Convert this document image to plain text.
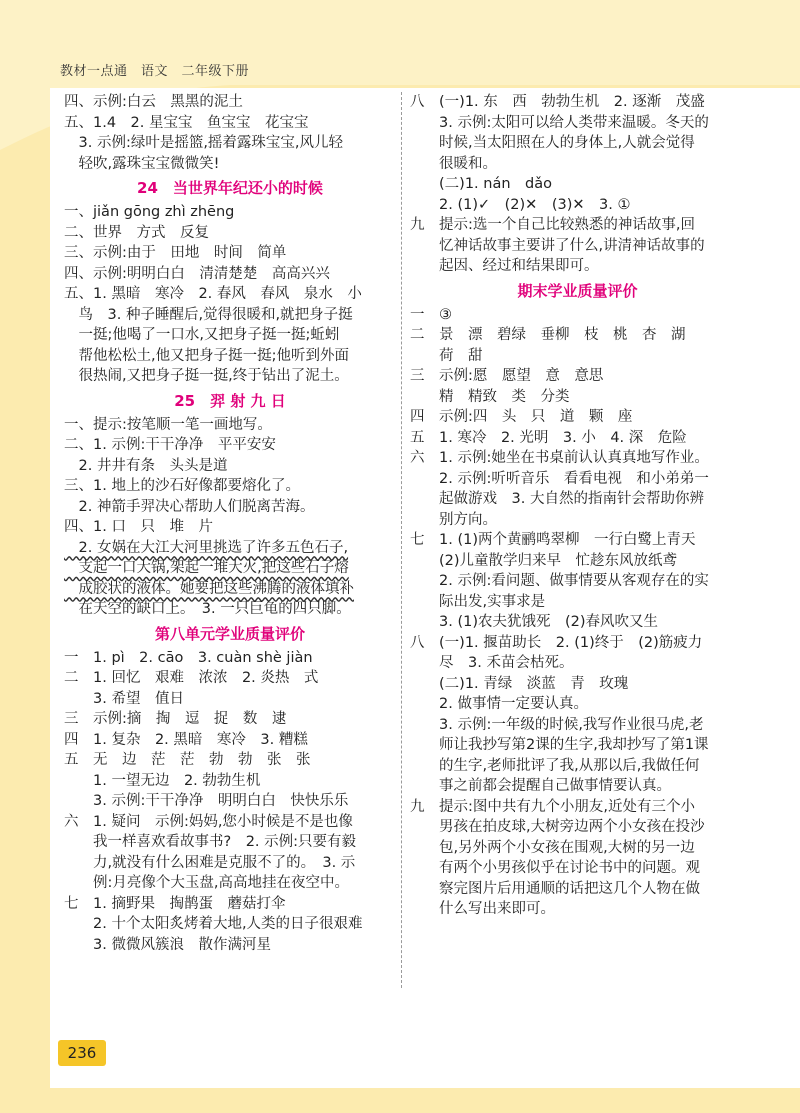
教材一点通　语文　二年级下册
四、示例:白云　黑黑的泥土
五、1.4　2. 星宝宝　鱼宝宝　花宝宝
　3. 示例:绿叶是摇篮,摇着露珠宝宝,风儿轻
　轻吹,露珠宝宝微微笑!
24　当世界年纪还小的时候
一、jiǎn gōng zhì zhēng
二、世界　方式　反复
三、示例:由于　田地　时间　简单
四、示例:明明白白　清清楚楚　高高兴兴
五、1. 黑暗　寒冷　2. 春风　春风　泉水　小
　鸟　3. 种子睡醒后,觉得很暖和,就把身子挺
　一挺;他喝了一口水,又把身子挺一挺;蚯蚓
　帮他松松土,他又把身子挺一挺;他听到外面
　很热闹,又把身子挺一挺,终于钻出了泥土。
25　羿 射 九 日
一、提示:按笔顺一笔一画地写。
二、1. 示例:干干净净　平平安安
　2. 井井有条　头头是道
三、1. 地上的沙石好像都要熔化了。
　2. 神箭手羿决心帮助人们脱离苦海。
四、1. 口　只　堆　片
　2. 女娲在大江大河里挑选了许多五色石子,
　支起一口大锅,架起一堆大火,把这些石子熔
　成胶状的液体。她要把这些沸腾的液体填补
　在天空的缺口上。　3. 一只巨龟的四只脚。
第八单元学业质量评价
一　1. pì　2. cāo　3. cuàn shè jiàn
二　1. 回忆　艰难　浓浓　2. 炎热　式
　　3. 希望　值日
三　示例:摘　掏　逗　捉　数　逮
四　1. 复杂　2. 黑暗　寒冷　3. 糟糕
五　无　边　茫　茫　勃　勃　张　张
　　1. 一望无边　2. 勃勃生机
　　3. 示例:干干净净　明明白白　快快乐乐
六　1. 疑问　示例:妈妈,您小时候是不是也像
　　我一样喜欢看故事书?　2. 示例:只要有毅
　　力,就没有什么困难是克服不了的。　3. 示
　　例:月亮像个大玉盘,高高地挂在夜空中。
七　1. 摘野果　掏鹊蛋　蘑菇打伞
　　2. 十个太阳炙烤着大地,人类的日子很艰难
　　3. 微微风簇浪　散作满河星
八　(一)1. 东　西　勃勃生机　2. 逐渐　茂盛
　　3. 示例:太阳可以给人类带来温暖。冬天的
　　时候,当太阳照在人的身体上,人就会觉得
　　很暖和。
　　(二)1. nán　dǎo
　　2. (1)✓　(2)✕　(3)✕　3. ①
九　提示:选一个自己比较熟悉的神话故事,回
　　忆神话故事主要讲了什么,讲清神话故事的
　　起因、经过和结果即可。
期末学业质量评价
一　③
二　景　漂　碧绿　垂柳　枝　桃　杏　湖
　　荷　甜
三　示例:愿　愿望　意　意思
　　精　精致　类　分类
四　示例:四　头　只　道　颗　座
五　1. 寒冷　2. 光明　3. 小　4. 深　危险
六　1. 示例:她坐在书桌前认认真真地写作业。
　　2. 示例:听听音乐　看看电视　和小弟弟一
　　起做游戏　3. 大自然的指南针会帮助你辨
　　别方向。
七　1. (1)两个黄鹂鸣翠柳　一行白鹭上青天
　　(2)儿童散学归来早　忙趁东风放纸鸢
　　2. 示例:看问题、做事情要从客观存在的实
　　际出发,实事求是
　　3. (1)农夫犹饿死　(2)春风吹又生
八　(一)1. 揠苗助长　2. (1)终于　(2)筋疲力
　　尽　3. 禾苗会枯死。
　　(二)1. 青绿　淡蓝　青　玫瑰
　　2. 做事情一定要认真。
　　3. 示例:一年级的时候,我写作业很马虎,老
　　师让我抄写第2课的生字,我却抄写了第1课
　　的生字,老师批评了我,从那以后,我做任何
　　事之前都会提醒自己做事情要认真。
九　提示:图中共有九个小朋友,近处有三个小
　　男孩在拍皮球,大树旁边两个小女孩在投沙
　　包,另外两个小女孩在围观,大树的另一边
　　有两个小男孩似乎在讨论书中的问题。观
　　察完图片后用通顺的话把这几个人物在做
　　什么写出来即可。
236
